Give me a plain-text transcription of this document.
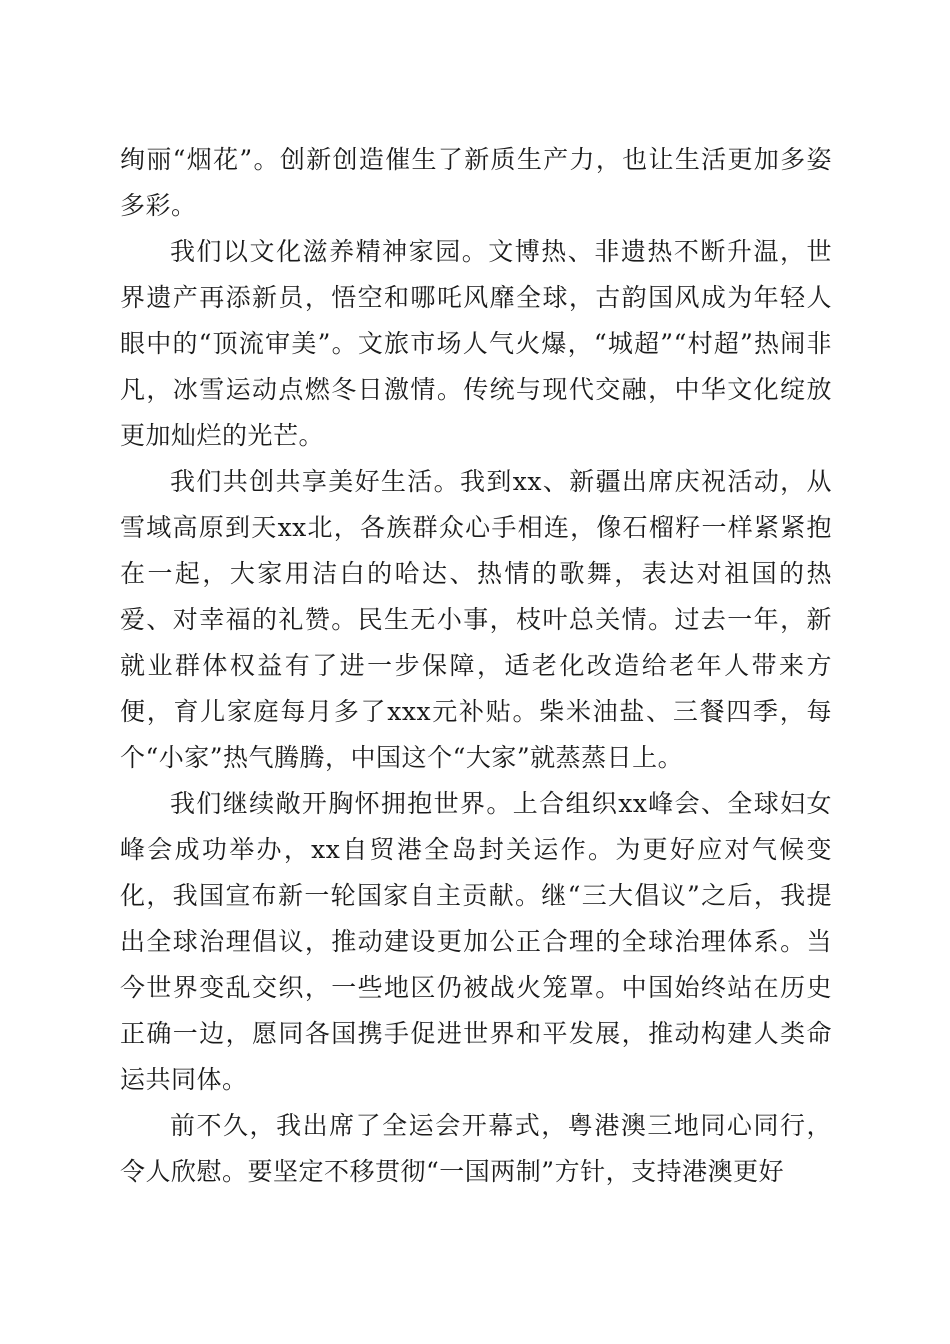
绚丽“烟花”。创新创造催生了新质生产力，也让生活更加多姿多彩。

我们以文化滋养精神家园。文博热、非遗热不断升温，世界遗产再添新员，悟空和哪吒风靡全球，古韵国风成为年轻人眼中的“顶流审美”。文旅市场人气火爆，“城超”“村超”热闹非凡，冰雪运动点燃冬日激情。传统与现代交融，中华文化绽放更加灿烂的光芒。

我们共创共享美好生活。我到xx、新疆出席庆祝活动，从雪域高原到天xx北，各族群众心手相连，像石榴籽一样紧紧抱在一起，大家用洁白的哈达、热情的歌舞，表达对祖国的热爱、对幸福的礼赞。民生无小事，枝叶总关情。过去一年，新就业群体权益有了进一步保障，适老化改造给老年人带来方便，育儿家庭每月多了xxx元补贴。柴米油盐、三餐四季，每个“小家”热气腾腾，中国这个“大家”就蒸蒸日上。

我们继续敞开胸怀拥抱世界。上合组织xx峰会、全球妇女峰会成功举办，xx自贸港全岛封关运作。为更好应对气候变化，我国宣布新一轮国家自主贡献。继“三大倡议”之后，我提出全球治理倡议，推动建设更加公正合理的全球治理体系。当今世界变乱交织，一些地区仍被战火笼罩。中国始终站在历史正确一边，愿同各国携手促进世界和平发展，推动构建人类命运共同体。

前不久，我出席了全运会开幕式，粤港澳三地同心同行，令人欣慰。要坚定不移贯彻“一国两制”方针，支持港澳更好
